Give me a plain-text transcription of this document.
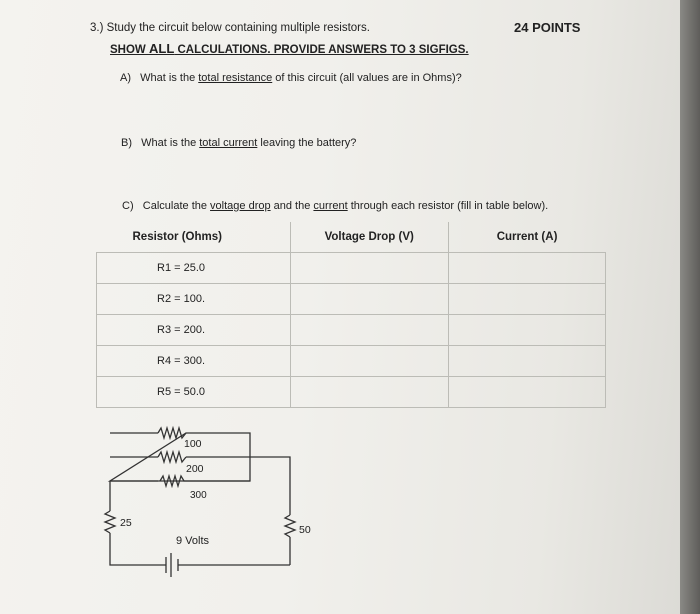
3.) Study the circuit below containing multiple resistors.	24 POINTS
SHOW ALL CALCULATIONS. PROVIDE ANSWERS TO 3 SIGFIGS.
A) What is the total resistance of this circuit (all values are in Ohms)?
B) What is the total current leaving the battery?
C) Calculate the voltage drop and the current through each resistor (fill in table below).
Resistor (Ohms)	Voltage Drop (V)	Current (A)
R1 = 25.0		
R2 = 100.		
R3 = 200.		
R4 = 300.		
R5 = 50.0		
100
200
300
25
50
9 Volts
